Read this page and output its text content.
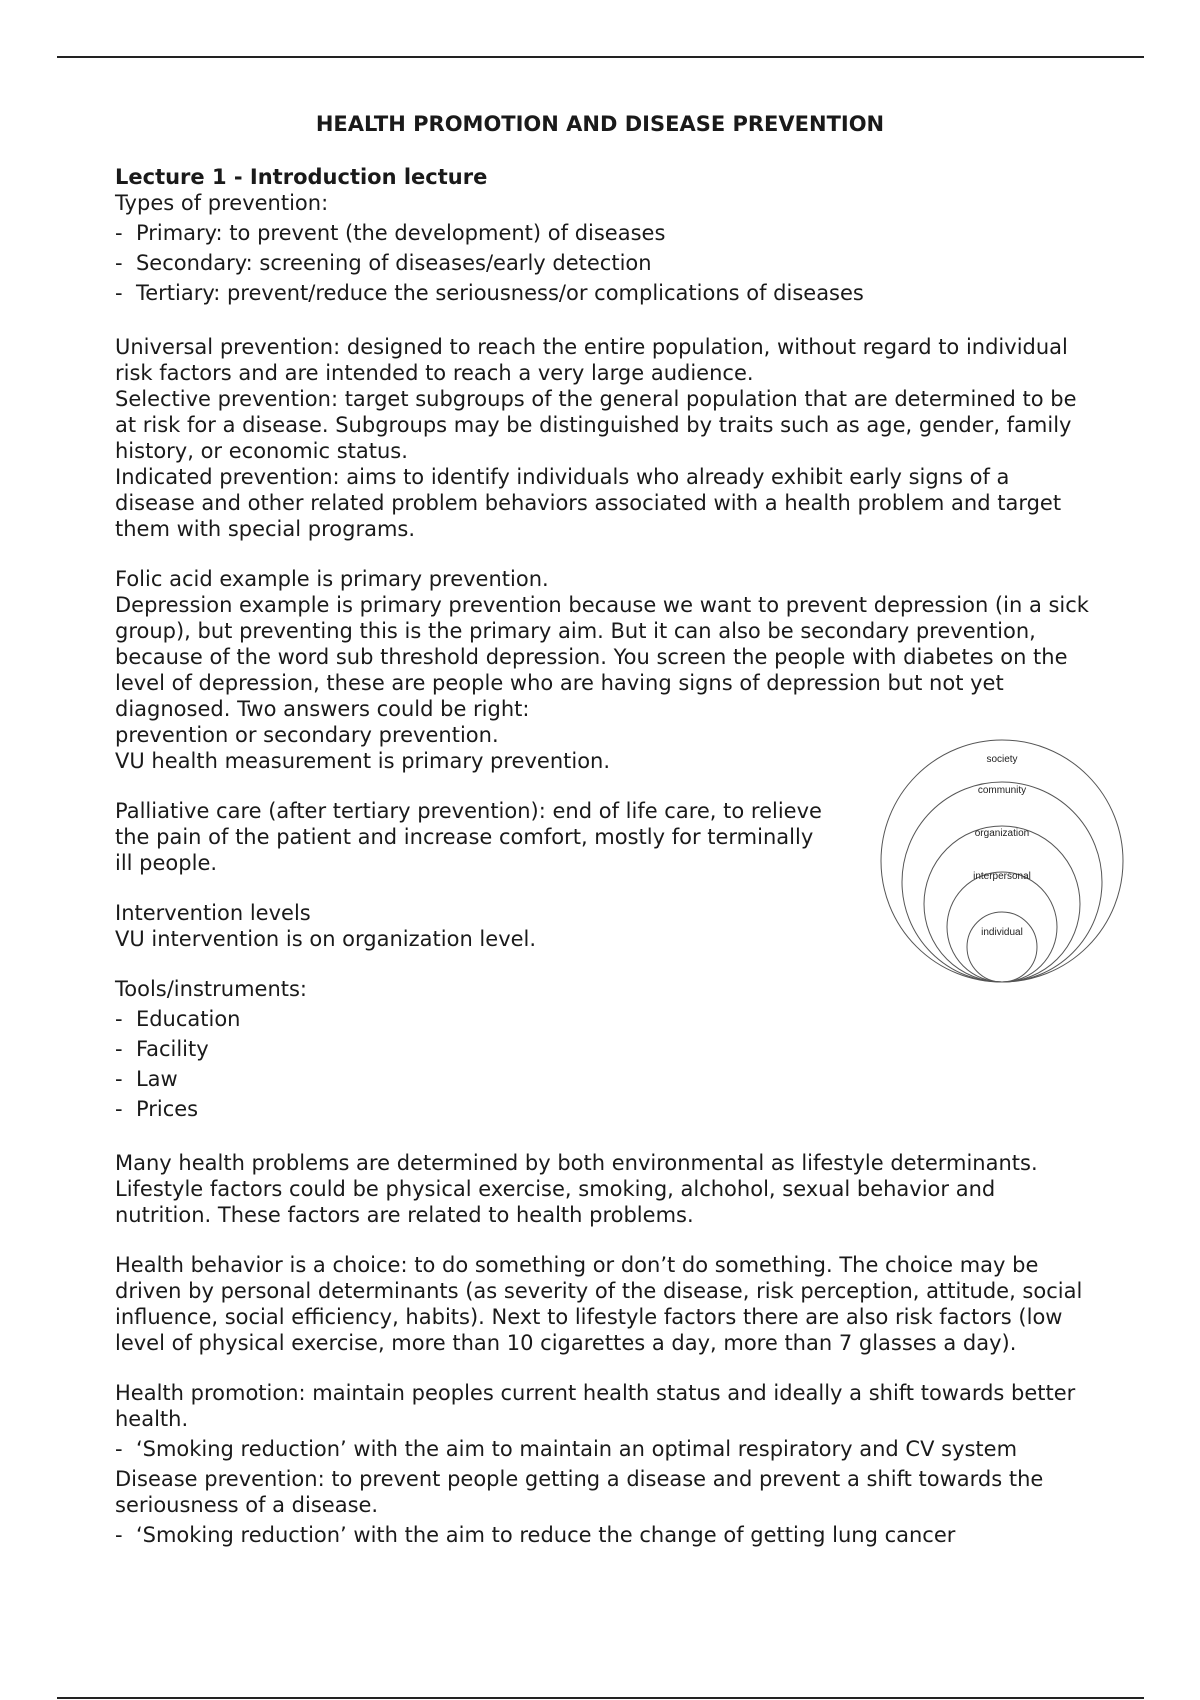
HEALTH PROMOTION AND DISEASE PREVENTION

Lecture 1 - Introduction lecture

Types of prevention:

-  Primary: to prevent (the development) of diseases
-  Secondary: screening of diseases/early detection
-  Tertiary: prevent/reduce the seriousness/or complications of diseases

Universal prevention: designed to reach the entire population, without regard to individual risk factors and are intended to reach a very large audience.

Selective prevention: target subgroups of the general population that are determined to be at risk for a disease. Subgroups may be distinguished by traits such as age, gender, family history, or economic status.

Indicated prevention: aims to identify individuals who already exhibit early signs of a disease and other related problem behaviors associated with a health problem and target them with special programs.

Folic acid example is primary prevention.

Depression example is primary prevention because we want to prevent depression (in a sick group), but preventing this is the primary aim. But it can also be secondary prevention, because of the word sub threshold depression. You screen the people with diabetes on the level of depression, these are people who are having signs of depression but not yet diagnosed. Two answers could be right:

prevention or secondary prevention.

VU health measurement is primary prevention.

Palliative care (after tertiary prevention): end of life care, to relieve the pain of the patient and increase comfort, mostly for terminally ill people.

Intervention levels

VU intervention is on organization level.

Tools/instruments:

-  Education
-  Facility
-  Law
-  Prices

Many health problems are determined by both environmental as lifestyle determinants. Lifestyle factors could be physical exercise, smoking, alchohol, sexual behavior and nutrition. These factors are related to health problems.

Health behavior is a choice: to do something or don’t do something. The choice may be driven by personal determinants (as severity of the disease, risk perception, attitude, social influence, social efficiency, habits). Next to lifestyle factors there are also risk factors (low level of physical exercise, more than 10 cigarettes a day, more than 7 glasses a day).

Health promotion: maintain peoples current health status and ideally a shift towards better health.

-  ‘Smoking reduction’ with the aim to maintain an optimal respiratory and CV system

Disease prevention: to prevent people getting a disease and prevent a shift towards the seriousness of a disease.

-  ‘Smoking reduction’ with the aim to reduce the change of getting lung cancer
society
community
organization
interpersonal
individual
